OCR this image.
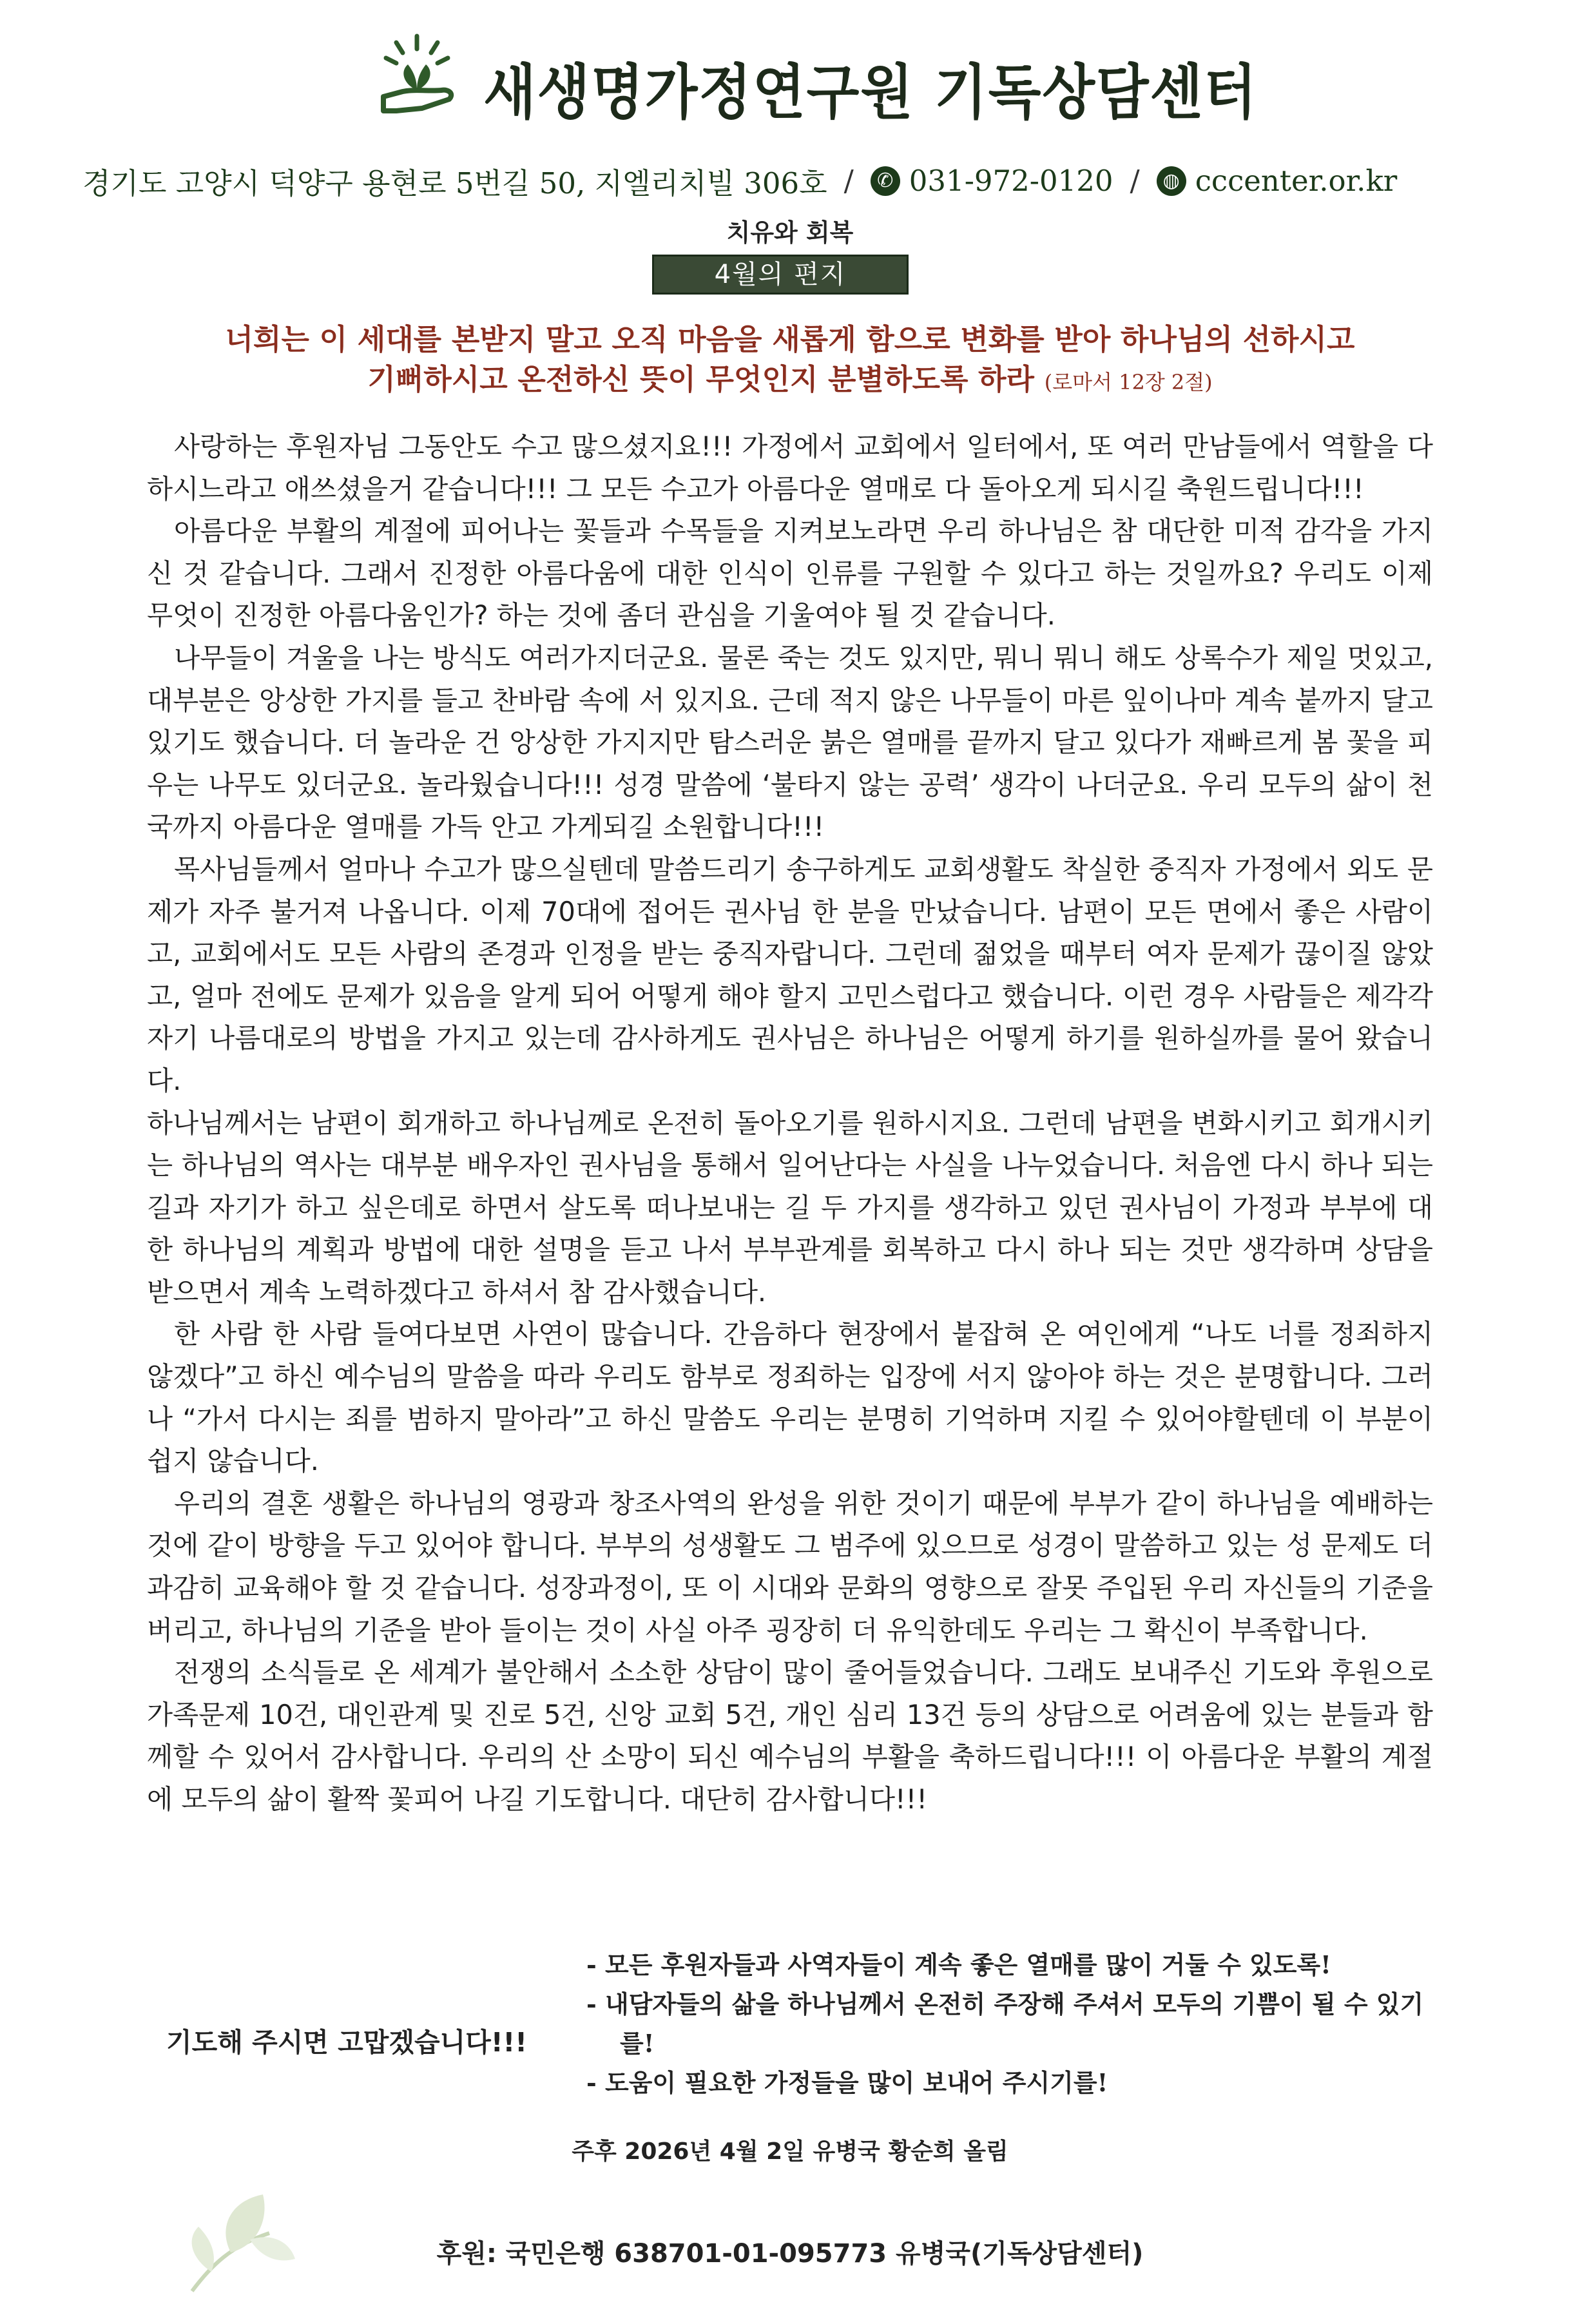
새생명가정연구원 기독상담센터
경기도 고양시 덕양구 용현로 5번길 50, 지엘리치빌 306호 /	✆ 031-972-0120 /	◍ cccenter.or.kr
치유와 회복
4월의 편지
너희는 이 세대를 본받지 말고 오직 마음을 새롭게 함으로 변화를 받아 하나님의 선하시고
기뻐하시고 온전하신 뜻이 무엇인지 분별하도록 하라 (로마서 12장 2절)

사랑하는 후원자님 그동안도 수고 많으셨지요!!! 가정에서 교회에서 일터에서, 또 여러 만남들에서 역할을 다하시느라고 애쓰셨을거 같습니다!!! 그 모든 수고가 아름다운 열매로 다 돌아오게 되시길 축원드립니다!!!

아름다운 부활의 계절에 피어나는 꽃들과 수목들을 지켜보노라면 우리 하나님은 참 대단한 미적 감각을 가지신 것 같습니다. 그래서 진정한 아름다움에 대한 인식이 인류를 구원할 수 있다고 하는 것일까요? 우리도 이제 무엇이 진정한 아름다움인가? 하는 것에 좀더 관심을 기울여야 될 것 같습니다.

나무들이 겨울을 나는 방식도 여러가지더군요. 물론 죽는 것도 있지만, 뭐니 뭐니 해도 상록수가 제일 멋있고, 대부분은 앙상한 가지를 들고 찬바람 속에 서 있지요. 근데 적지 않은 나무들이 마른 잎이나마 계속 붙까지 달고 있기도 했습니다. 더 놀라운 건 앙상한 가지지만 탐스러운 붉은 열매를 끝까지 달고 있다가 재빠르게 봄 꽃을 피우는 나무도 있더군요. 놀라웠습니다!!! 성경 말씀에 ‘불타지 않는 공력’ 생각이 나더군요. 우리 모두의 삶이 천국까지 아름다운 열매를 가득 안고 가게되길 소원합니다!!!

목사님들께서 얼마나 수고가 많으실텐데 말씀드리기 송구하게도 교회생활도 착실한 중직자 가정에서 외도 문제가 자주 불거져 나옵니다. 이제 70대에 접어든 권사님 한 분을 만났습니다. 남편이 모든 면에서 좋은 사람이고, 교회에서도 모든 사람의 존경과 인정을 받는 중직자랍니다. 그런데 젊었을 때부터 여자 문제가 끊이질 않았고, 얼마 전에도 문제가 있음을 알게 되어 어떻게 해야 할지 고민스럽다고 했습니다. 이런 경우 사람들은 제각각 자기 나름대로의 방법을 가지고 있는데 감사하게도 권사님은 하나님은 어떻게 하기를 원하실까를 물어 왔습니다.

하나님께서는 남편이 회개하고 하나님께로 온전히 돌아오기를 원하시지요. 그런데 남편을 변화시키고 회개시키는 하나님의 역사는 대부분 배우자인 권사님을 통해서 일어난다는 사실을 나누었습니다. 처음엔 다시 하나 되는 길과 자기가 하고 싶은데로 하면서 살도록 떠나보내는 길 두 가지를 생각하고 있던 권사님이 가정과 부부에 대한 하나님의 계획과 방법에 대한 설명을 듣고 나서 부부관계를 회복하고 다시 하나 되는 것만 생각하며 상담을 받으면서 계속 노력하겠다고 하셔서 참 감사했습니다.

한 사람 한 사람 들여다보면 사연이 많습니다. 간음하다 현장에서 붙잡혀 온 여인에게 “나도 너를 정죄하지 않겠다”고 하신 예수님의 말씀을 따라 우리도 함부로 정죄하는 입장에 서지 않아야 하는 것은 분명합니다. 그러나 “가서 다시는 죄를 범하지 말아라”고 하신 말씀도 우리는 분명히 기억하며 지킬 수 있어야할텐데 이 부분이 쉽지 않습니다.

우리의 결혼 생활은 하나님의 영광과 창조사역의 완성을 위한 것이기 때문에 부부가 같이 하나님을 예배하는 것에 같이 방향을 두고 있어야 합니다. 부부의 성생활도 그 범주에 있으므로 성경이 말씀하고 있는 성 문제도 더 과감히 교육해야 할 것 같습니다. 성장과정이, 또 이 시대와 문화의 영향으로 잘못 주입된 우리 자신들의 기준을 버리고, 하나님의 기준을 받아 들이는 것이 사실 아주 굉장히 더 유익한데도 우리는 그 확신이 부족합니다.

전쟁의 소식들로 온 세계가 불안해서 소소한 상담이 많이 줄어들었습니다. 그래도 보내주신 기도와 후원으로 가족문제 10건, 대인관계 및 진로 5건, 신앙 교회 5건, 개인 심리 13건 등의 상담으로 어려움에 있는 분들과 함께할 수 있어서 감사합니다. 우리의 산 소망이 되신 예수님의 부활을 축하드립니다!!! 이 아름다운 부활의 계절에 모두의 삶이 활짝 꽃피어 나길 기도합니다. 대단히 감사합니다!!!

기도해 주시면 고맙겠습니다!!!
- 모든 후원자들과 사역자들이 계속 좋은 열매를 많이 거둘 수 있도록!
- 내담자들의 삶을 하나님께서 온전히 주장해 주셔서 모두의 기쁨이 될 수 있기를!
- 도움이 필요한 가정들을 많이 보내어 주시기를!
주후 2026년 4월 2일 유병국 황순희 올림
후원: 국민은행 638701-01-095773 유병국(기독상담센터)
